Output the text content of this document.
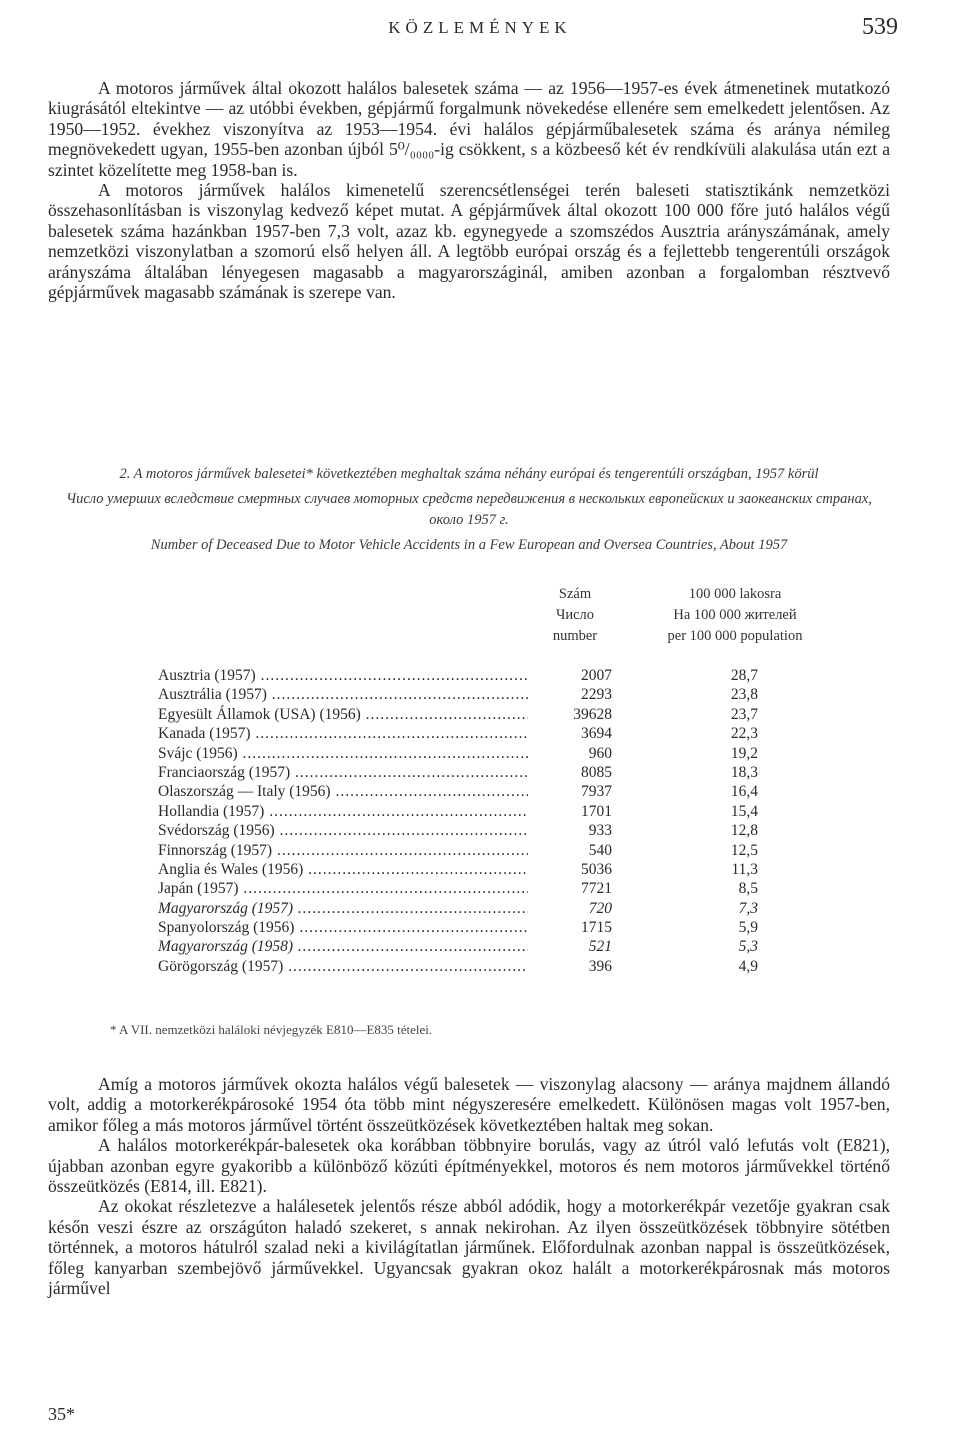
KÖZLEMÉNYEK	539

A motoros járművek által okozott halálos balesetek száma — az 1956—1957-es évek átmenetinek mutatkozó kiugrásától eltekintve — az utóbbi években, gépjármű forgalmunk növekedése ellenére sem emelkedett jelentősen. Az 1950—1952. évekhez viszonyítva az 1953—1954. évi halálos gépjárműbalesetek száma és aránya némileg megnövekedett ugyan, 1955-ben azonban újból 5⁰/₀₀₀₀-ig csökkent, s a közbeeső két év rendkívüli alakulása után ezt a szintet közelítette meg 1958-ban is.

A motoros járművek halálos kimenetelű szerencsétlenségei terén baleseti statisztikánk nemzetközi összehasonlításban is viszonylag kedvező képet mutat. A gépjárművek által okozott 100 000 főre jutó halálos végű balesetek száma hazánkban 1957-ben 7,3 volt, azaz kb. egynegyede a szomszédos Ausztria arányszámának, amely nemzetközi viszonylatban a szomorú első helyen áll. A legtöbb európai ország és a fejlettebb tengerentúli országok arányszáma általában lényegesen magasabb a magyarországinál, amiben azonban a forgalomban résztvevő gépjárművek magasabb számának is szerepe van.

2. A motoros járművek balesetei* következtében meghaltak száma néhány európai és tengerentúli országban, 1957 körül
Число умерших вследствие смертных случаев моторных средств передвижения в нескольких европейских и заокеанских странах, около 1957 г.
Number of Deceased Due to Motor Vehicle Accidents in a Few European and Oversea Countries, About 1957
Szám
Число
number
100 000 lakosra
На 100 000 жителей
per 100 000 population
Ausztria (1957) .....	2007	28,7
Ausztrália (1957) .....	2293	23,8
Egyesült Államok (USA) (1956) .....	39628	23,7
Kanada (1957) .....	3694	22,3
Svájc (1956) .....	960	19,2
Franciaország (1957) .....	8085	18,3
Olaszország — Italy (1956) .....	7937	16,4
Hollandia (1957) .....	1701	15,4
Svédország (1956) .....	933	12,8
Finnország (1957) .....	540	12,5
Anglia és Wales (1956) .....	5036	11,3
Japán (1957) .....	7721	8,5
Magyarország (1957) .....	720	7,3
Spanyolország (1956) .....	1715	5,9
Magyarország (1958) .....	521	5,3
Görögország (1957) .....	396	4,9
* A VII. nemzetközi haláloki névjegyzék E810—E835 tételei.

Amíg a motoros járművek okozta halálos végű balesetek — viszonylag alacsony — aránya majdnem állandó volt, addig a motorkerékpárosoké 1954 óta több mint négyszeresére emelkedett. Különösen magas volt 1957-ben, amikor főleg a más motoros járművel történt összeütközések következtében haltak meg sokan.

A halálos motorkerékpár-balesetek oka korábban többnyire borulás, vagy az útról való lefutás volt (E821), újabban azonban egyre gyakoribb a különböző közúti építményekkel, motoros és nem motoros járművekkel történő összeütközés (E814, ill. E821).

Az okokat részletezve a halálesetek jelentős része abból adódik, hogy a motorkerékpár vezetője gyakran csak későn veszi észre az országúton haladó szekeret, s annak nekirohan. Az ilyen összeütközések többnyire sötétben történnek, a motoros hátulról szalad neki a kivilágítatlan járműnek. Előfordulnak azonban nappal is összeütközések, főleg kanyarban szembejövő járművekkel. Ugyancsak gyakran okoz halált a motorkerékpárosnak más motoros járművel

35*
